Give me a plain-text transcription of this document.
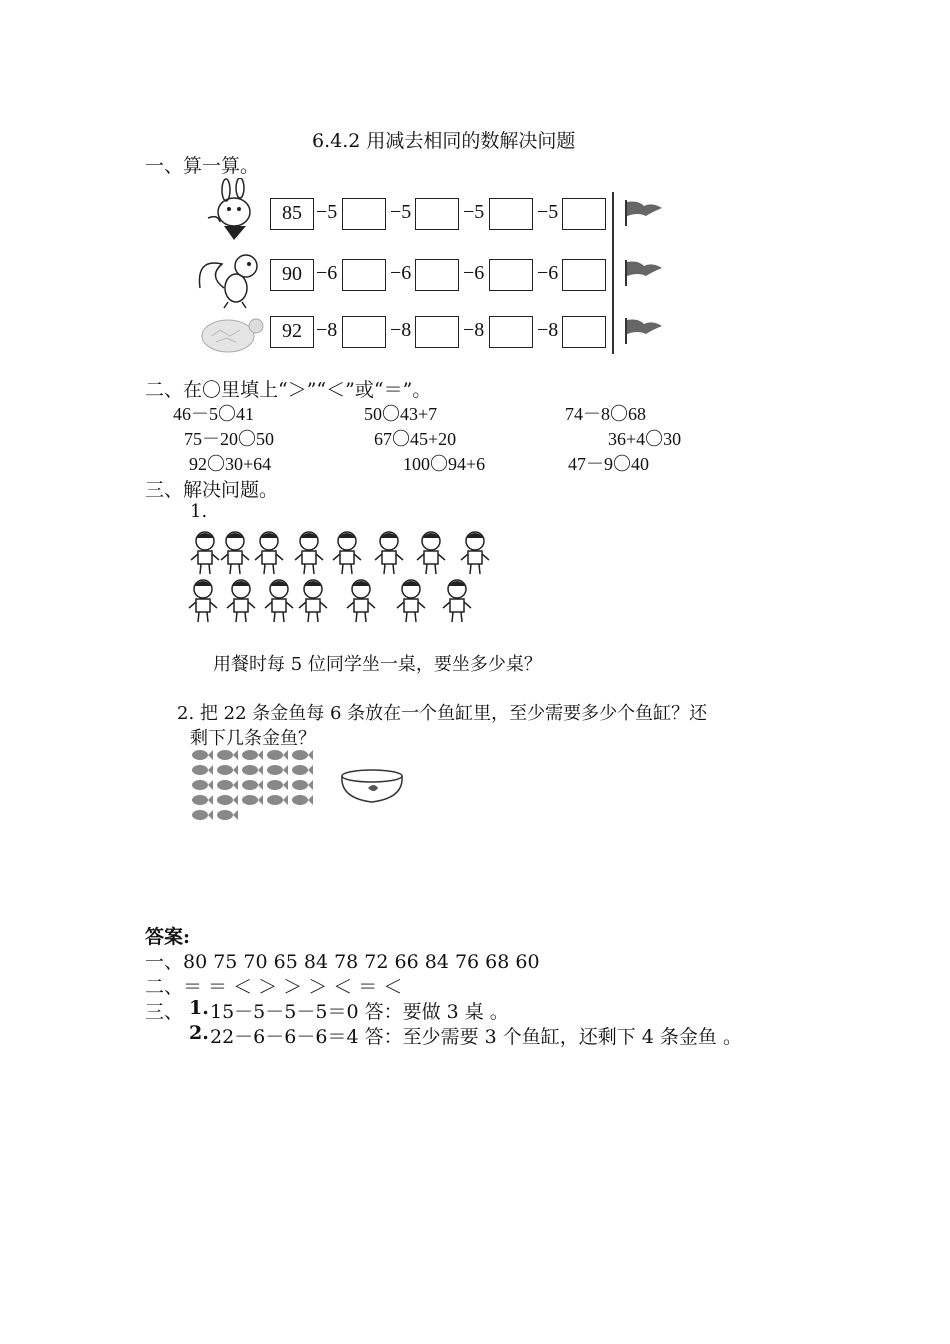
6.4.2 用减去相同的数解决问题
一、算一算。
85 −5	−5	−5	−5
90 −6	−6	−6	−6
92 −8	−8	−8	−8
二、在〇里填上“＞”“＜”或“＝”。
46－5〇41	50〇43+7	74－8〇68
75－20〇50	67〇45+20	36+4〇30
92〇30+64	100〇94+6	47－9〇40
三、解决问题。
1.
用餐时每 5 位同学坐一桌，要坐多少桌？
2. 把 22 条金鱼每 6 条放在一个鱼缸里，至少需要多少个鱼缸？还
剩下几条金鱼？
答案:
一、80 75 70 65 84 78 72 66 84 76 68 60
二、＝ ＝ ＜ ＞ ＞ ＞ ＜ ＝ ＜
三、 1. 15－5－5－5＝0 答：要做 3 桌 。
2. 22－6－6－6＝4 答：至少需要 3 个鱼缸，还剩下 4 条金鱼 。
